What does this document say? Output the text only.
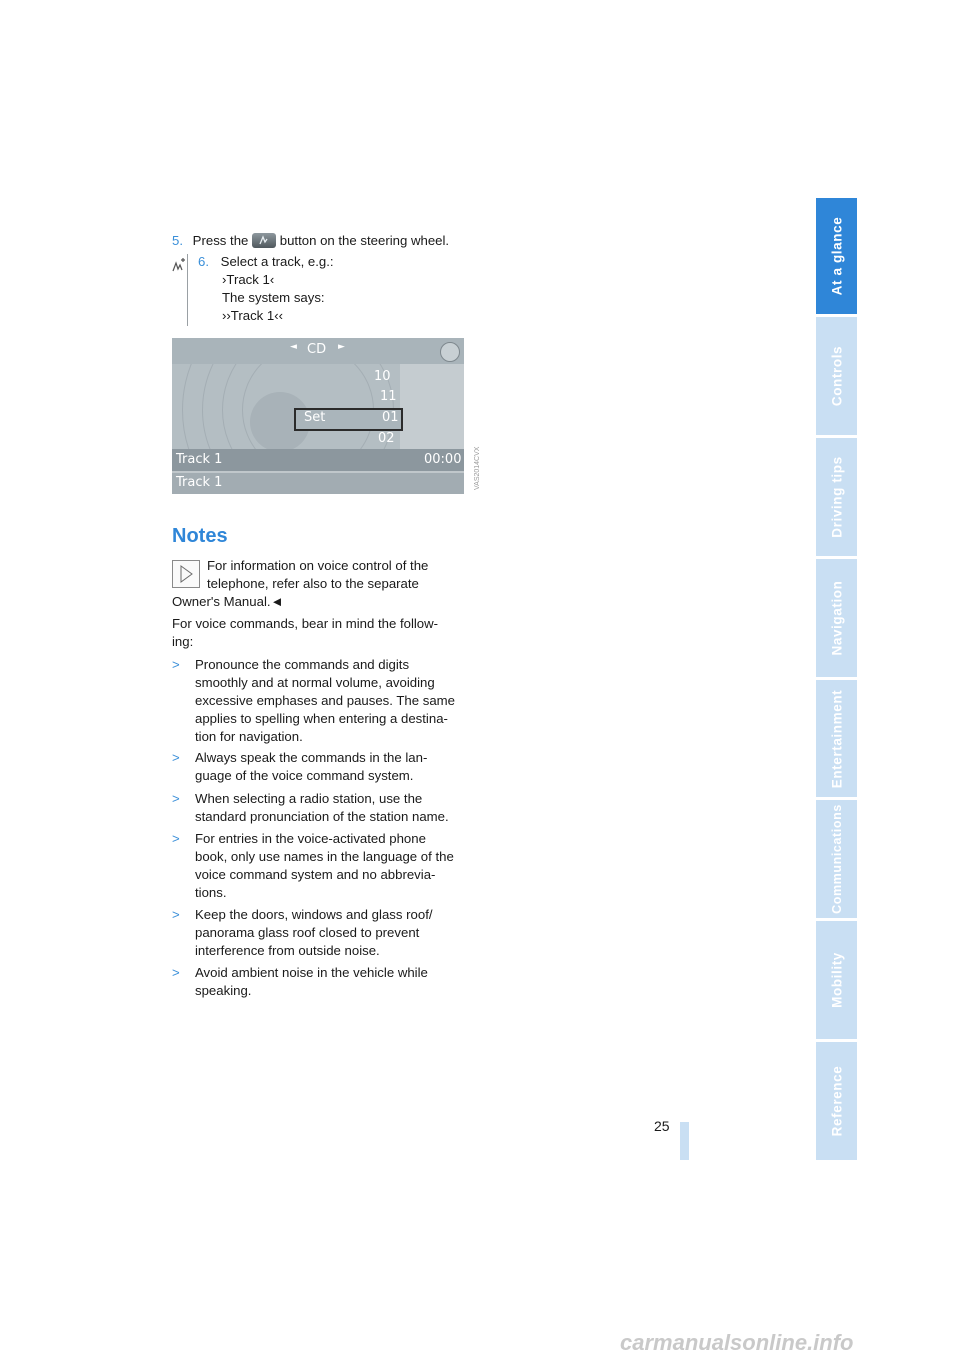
5. Press the button on the steering wheel.
6. Select a track, e.g.:
›Track 1‹
The system says:
››Track 1‹‹
◄ CD ►
10
11
02
Set	01
Track 1	00:00
Track 1	VAS2014CVX
Notes
For information on voice control of the
telephone, refer also to the separate
Owner's Manual.◄
For voice commands, bear in mind the follow-
ing:
> Pronounce the commands and digits
smoothly and at normal volume, avoiding
excessive emphases and pauses. The same
applies to spelling when entering a destina-
tion for navigation.
> Always speak the commands in the lan-
guage of the voice command system.
> When selecting a radio station, use the
standard pronunciation of the station name.
> For entries in the voice-activated phone
book, only use names in the language of the
voice command system and no abbrevia-
tions.
> Keep the doors, windows and glass roof/
panorama glass roof closed to prevent
interference from outside noise.
> Avoid ambient noise in the vehicle while
speaking.
At a glance
Controls
Driving tips
Navigation
Entertainment
Communications
Mobility
Reference
25
carmanualsonline.info
